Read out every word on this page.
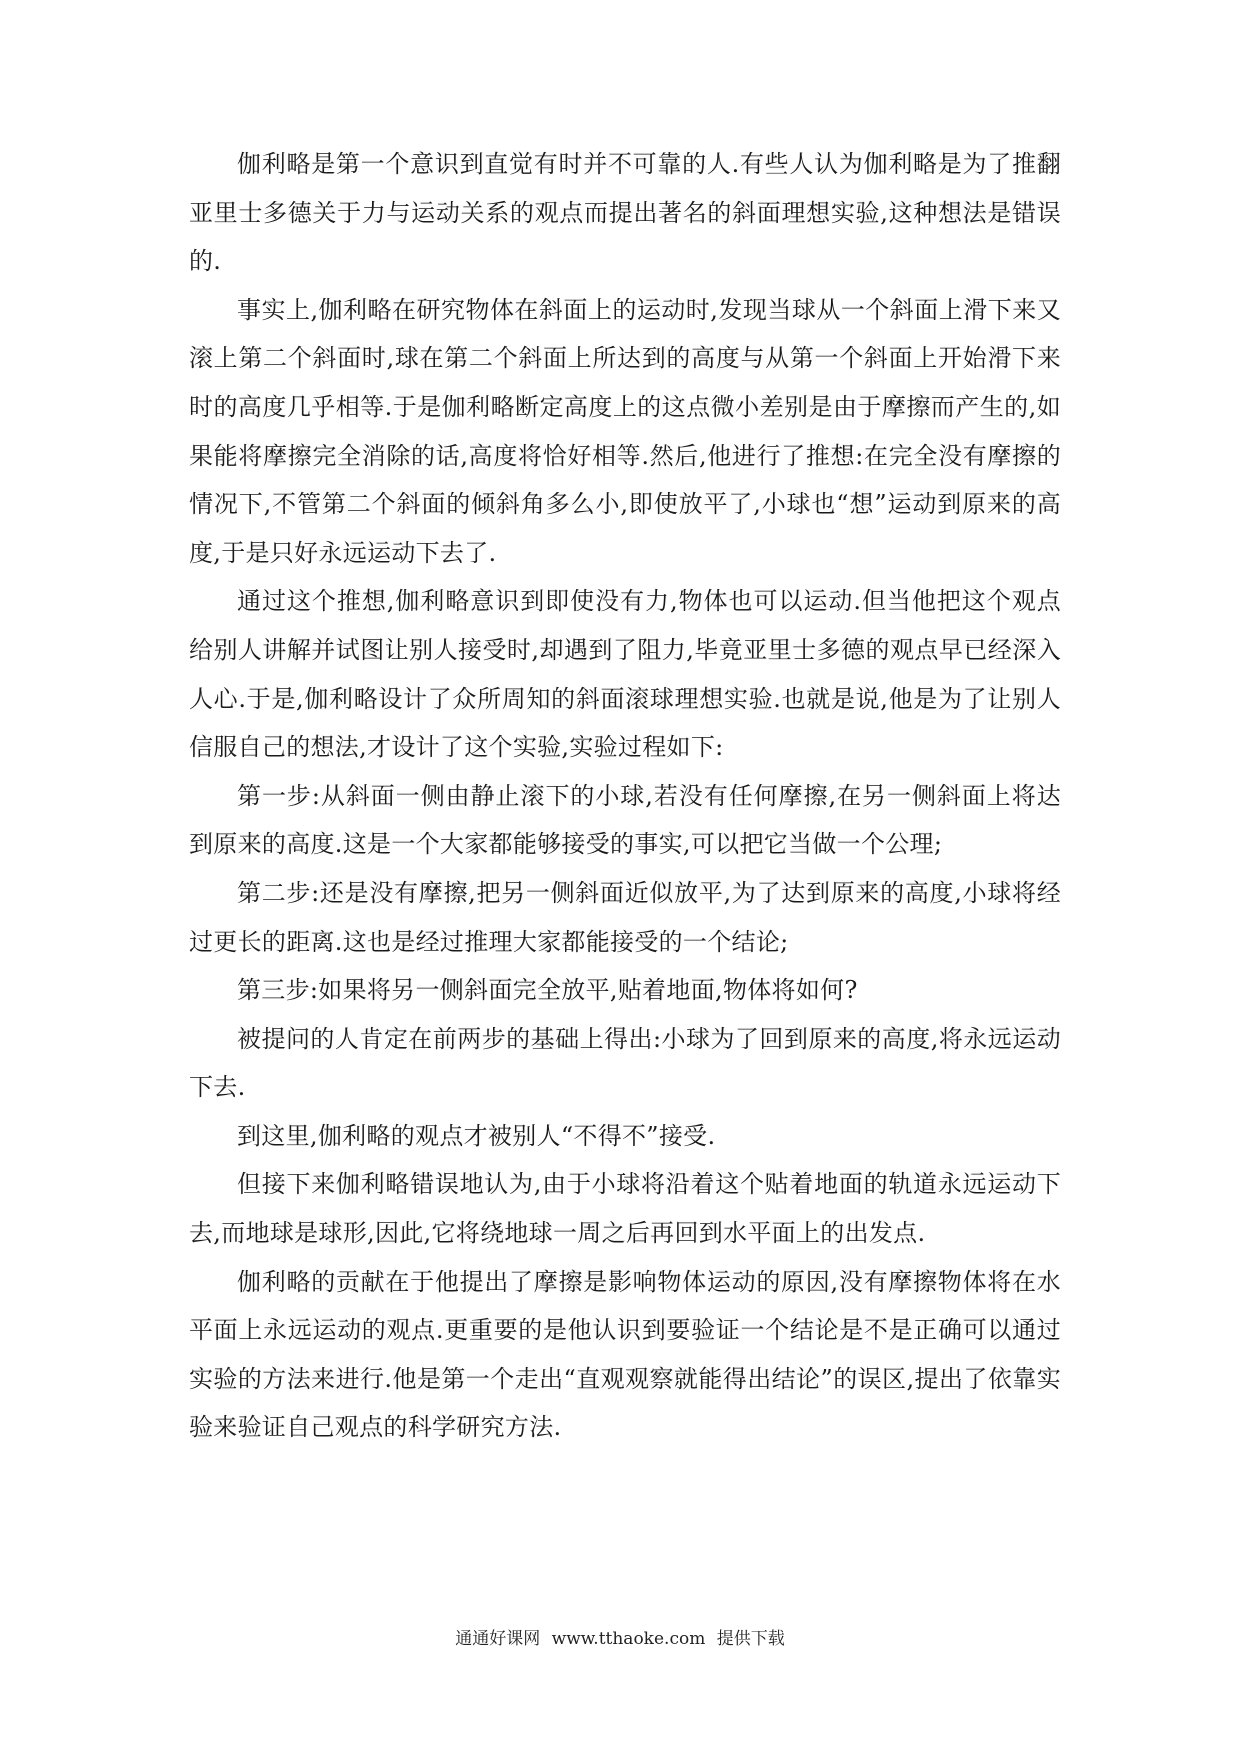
伽利略是第一个意识到直觉有时并不可靠的人.有些人认为伽利略是为了推翻亚里士多德关于力与运动关系的观点而提出著名的斜面理想实验,这种想法是错误的.

事实上,伽利略在研究物体在斜面上的运动时,发现当球从一个斜面上滑下来又滚上第二个斜面时,球在第二个斜面上所达到的高度与从第一个斜面上开始滑下来时的高度几乎相等.于是伽利略断定高度上的这点微小差别是由于摩擦而产生的,如果能将摩擦完全消除的话,高度将恰好相等.然后,他进行了推想:在完全没有摩擦的情况下,不管第二个斜面的倾斜角多么小,即使放平了,小球也“想”运动到原来的高度,于是只好永远运动下去了.

通过这个推想,伽利略意识到即使没有力,物体也可以运动.但当他把这个观点给别人讲解并试图让别人接受时,却遇到了阻力,毕竟亚里士多德的观点早已经深入人心.于是,伽利略设计了众所周知的斜面滚球理想实验.也就是说,他是为了让别人信服自己的想法,才设计了这个实验,实验过程如下:

第一步:从斜面一侧由静止滚下的小球,若没有任何摩擦,在另一侧斜面上将达到原来的高度.这是一个大家都能够接受的事实,可以把它当做一个公理;

第二步:还是没有摩擦,把另一侧斜面近似放平,为了达到原来的高度,小球将经过更长的距离.这也是经过推理大家都能接受的一个结论;

第三步:如果将另一侧斜面完全放平,贴着地面,物体将如何?

被提问的人肯定在前两步的基础上得出:小球为了回到原来的高度,将永远运动下去.

到这里,伽利略的观点才被别人“不得不”接受.

但接下来伽利略错误地认为,由于小球将沿着这个贴着地面的轨道永远运动下去,而地球是球形,因此,它将绕地球一周之后再回到水平面上的出发点.

伽利略的贡献在于他提出了摩擦是影响物体运动的原因,没有摩擦物体将在水平面上永远运动的观点.更重要的是他认识到要验证一个结论是不是正确可以通过实验的方法来进行.他是第一个走出“直观观察就能得出结论”的误区,提出了依靠实验来验证自己观点的科学研究方法.

通通好课网 www.tthaoke.com 提供下载
